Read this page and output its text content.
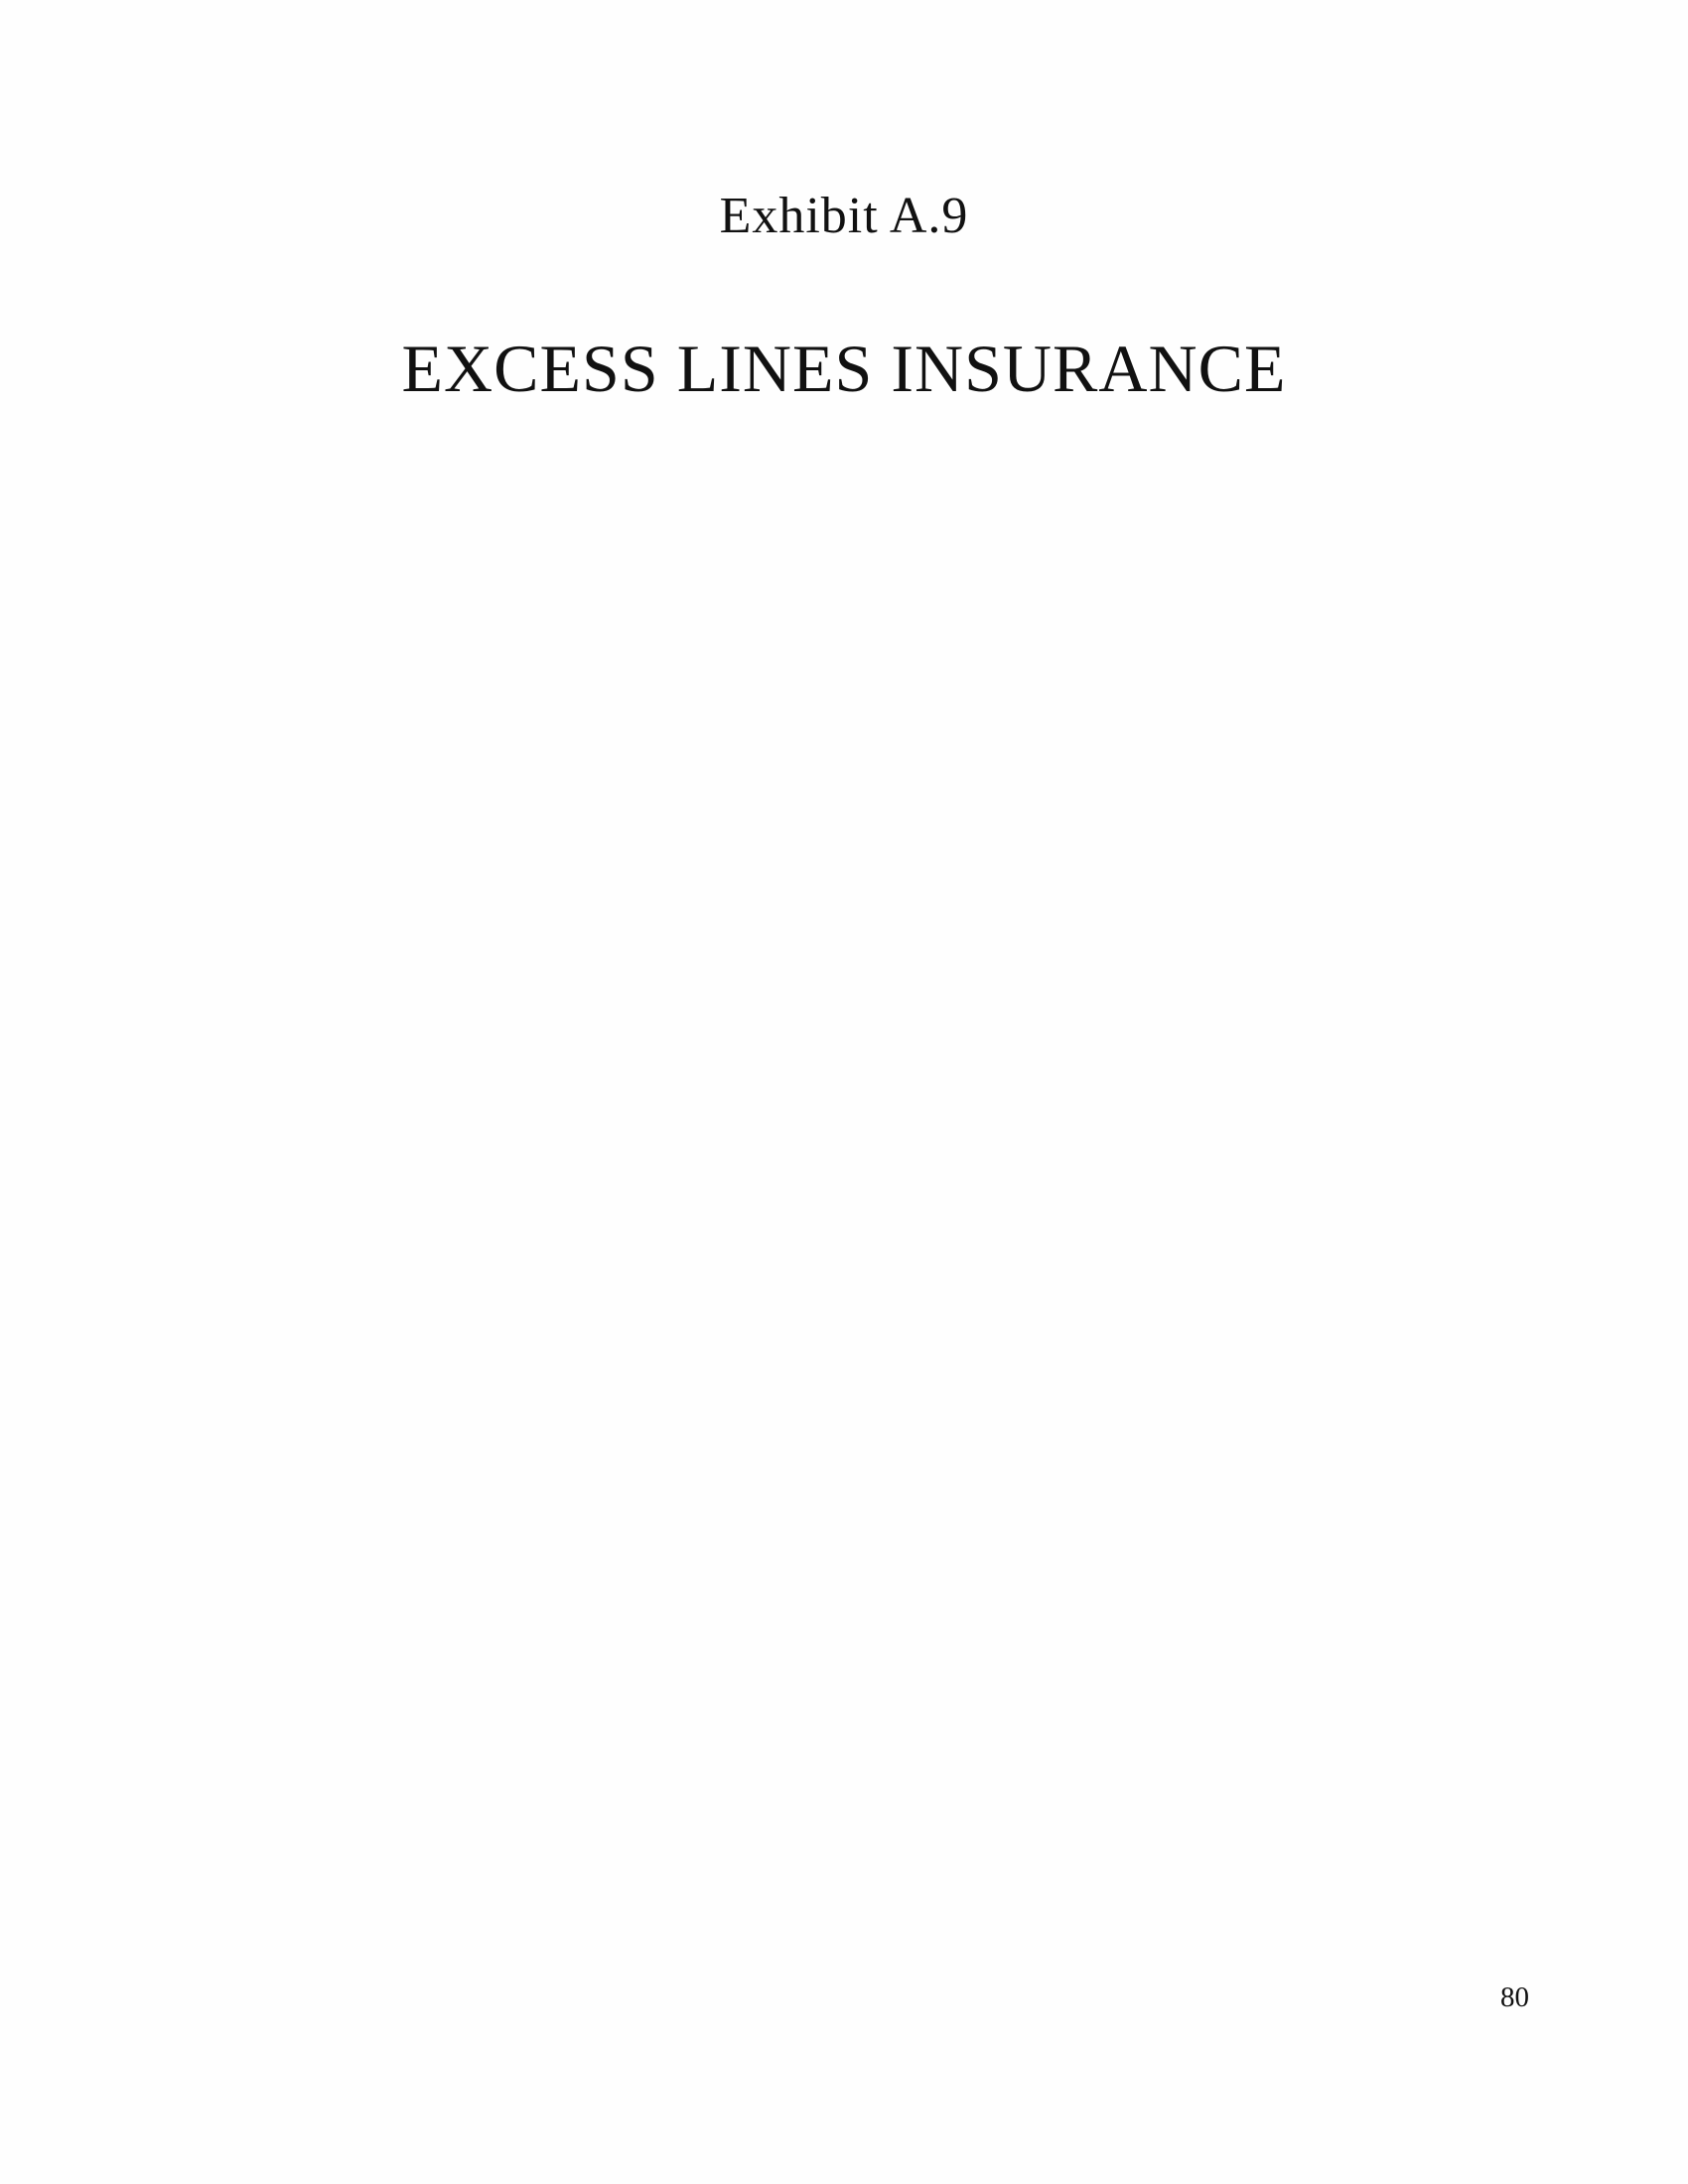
Exhibit A.9
EXCESS LINES INSURANCE
80
